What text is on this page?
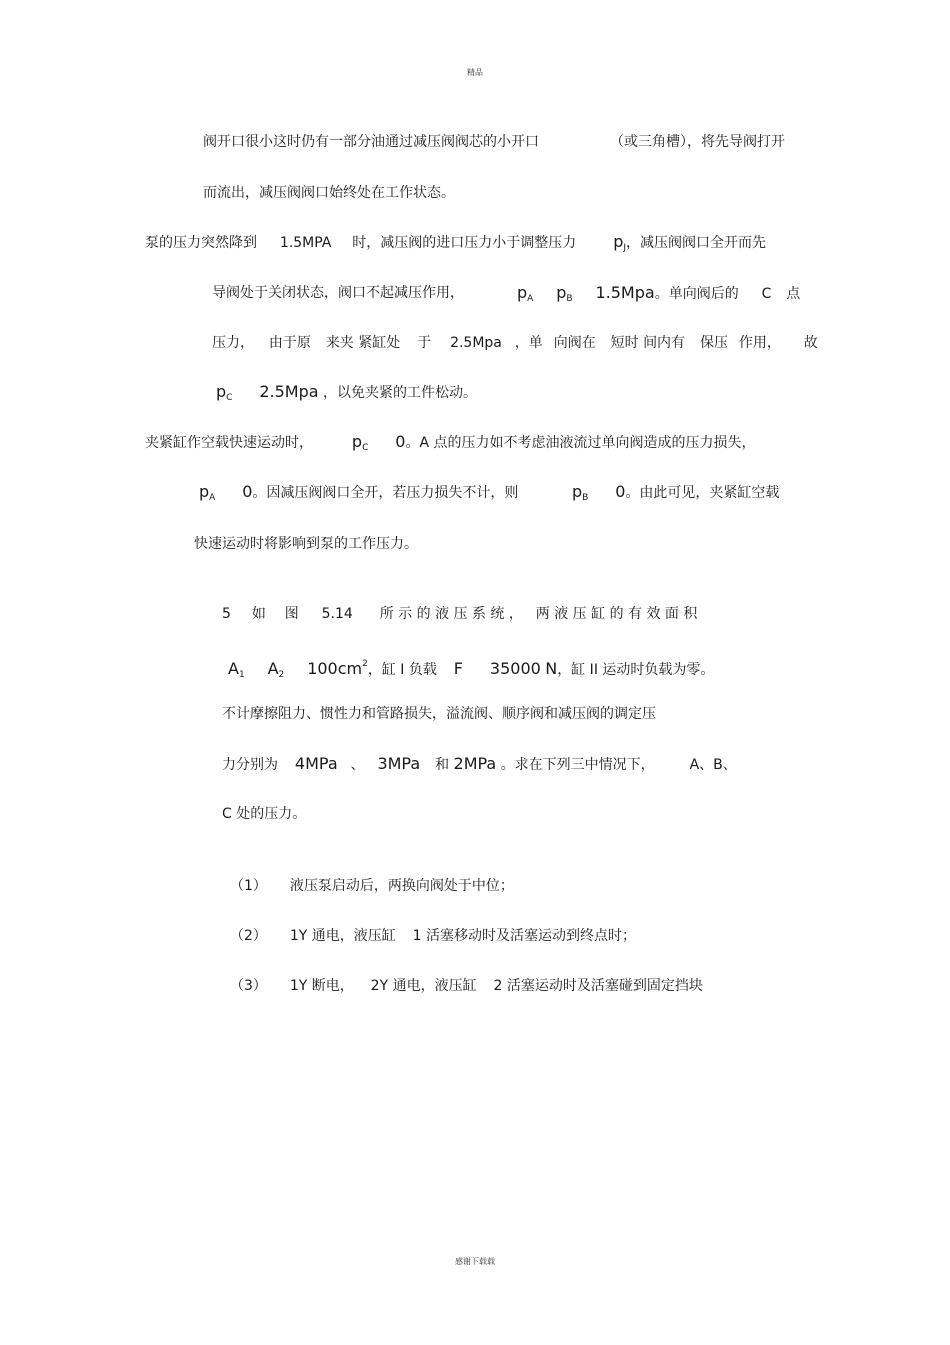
精品
阀开口很小这时仍有一部分油通过减压阀阀芯的小开口	（或三角槽），将先导阀打开
而流出，减压阀阀口始终处在工作状态。
泵的压力突然降到 1.5MPA 时，减压阀的进口压力小于调整压力 $p_J$，减压阀阀口全开而先
导阀处于关闭状态，阀口不起减压作用，	$p_A$ $p_B$ 1.5Mpa。单向阀后的 C 点
压力， 由于原 来夹 紧缸处 于 2.5Mpa ，单 向阀在 短时 间内有 保压 作用， 故
$p_C$ 2.5Mpa ，以免夹紧的工件松动。
夹紧缸作空载快速运动时， $p_C$ 0。A 点的压力如不考虑油液流过单向阀造成的压力损失，
$p_A$ 0。因减压阀阀口全开，若压力损失不计，则	$p_B$ 0。由此可见，夹紧缸空载
快速运动时将影响到泵的工作压力。
5 如 图 5.14 所 示 的 液 压 系 统 ， 两 液 压 缸 的 有 效 面 积
$A_1$ $A_2$ $100cm^2$，缸 I 负载 F 35000 N，缸 II 运动时负载为零。
不计摩擦阻力、惯性力和管路损失，溢流阀、顺序阀和减压阀的调定压
力分别为 4MPa 、 3MPa 和 2MPa 。求在下列三中情况下， A、B、
C 处的压力。
（1） 液压泵启动后，两换向阀处于中位；
（2） 1Y 通电，液压缸 1 活塞移动时及活塞运动到终点时；
（3） 1Y 断电， 2Y 通电，液压缸 2 活塞运动时及活塞碰到固定挡块
感谢下载载
